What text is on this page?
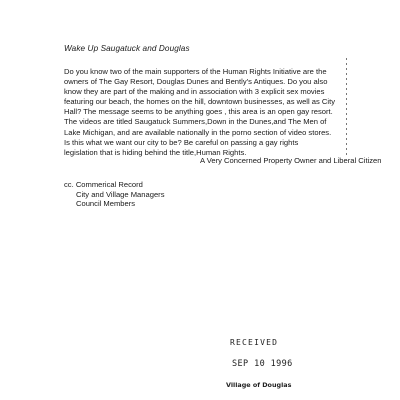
Wake Up Saugatuck and Douglas
Do you know two of the main supporters of the Human Rights Initiative are the
owners of The Gay Resort, Douglas Dunes and Bently's Antiques. Do you also
know they are part of the making and in association with 3 explicit sex movies
featuring our beach, the homes on the hill, downtown businesses, as well as City
Hall? The message seems to be anything goes , this area is an open gay resort.
The videos are titled Saugatuck Summers,Down in the Dunes,and The Men of
Lake Michigan, and are available nationally in the porno section of video stores.
Is this what we want our city to be? Be careful on passing a gay rights
legislation that is hiding behind the title,Human Rights.
A Very Concerned Property Owner and Liberal Citizen
cc. Commerical Record
City and Village Managers
Council Members
RECEIVED
SEP 10 1996
Village of Douglas
